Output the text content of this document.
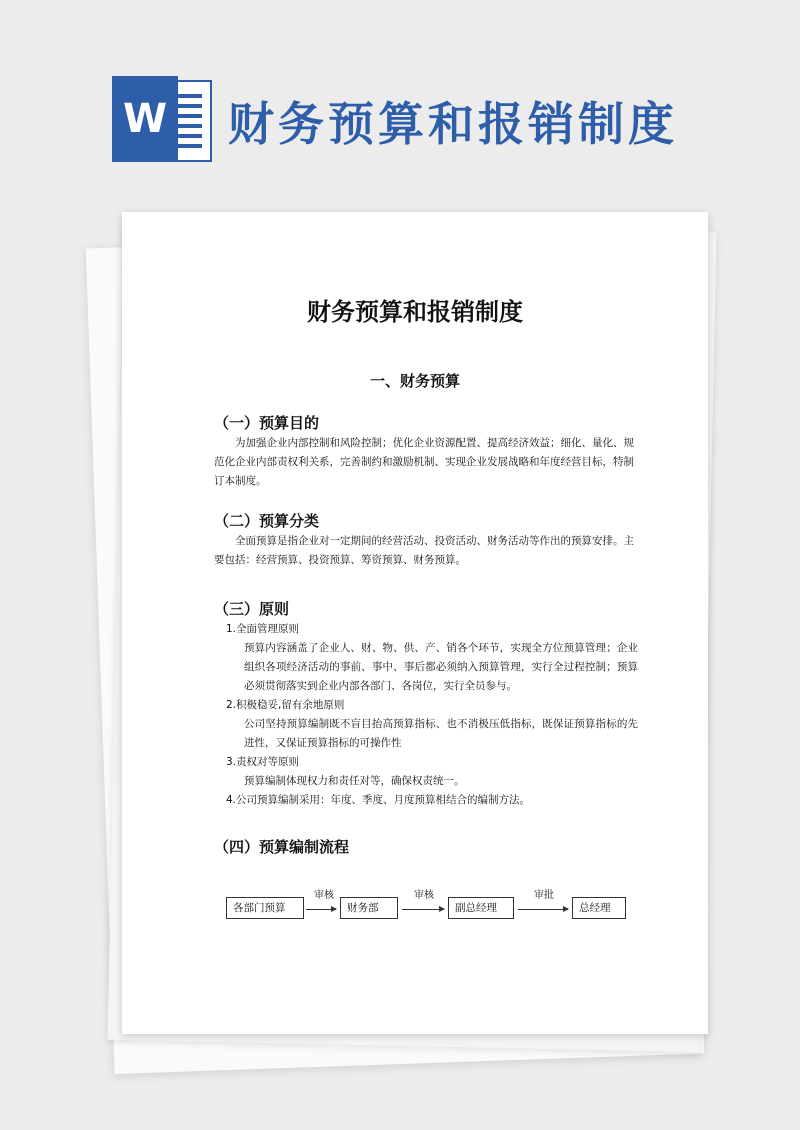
W 财务预算和报销制度
财务预算和报销制度
一、财务预算
（一）预算目的
为加强企业内部控制和风险控制；优化企业资源配置、提高经济效益；细化、量化、规范化企业内部责权利关系，完善制约和激励机制、实现企业发展战略和年度经营目标，特制订本制度。
（二）预算分类
全面预算是指企业对一定期间的经营活动、投资活动、财务活动等作出的预算安排。主要包括：经营预算、投资预算、筹资预算、财务预算。
（三）原则
1.全面管理原则
预算内容涵盖了企业人、财、物、供、产、销各个环节，实现全方位预算管理；企业组织各项经济活动的事前、事中、事后都必须纳入预算管理，实行全过程控制；预算必须贯彻落实到企业内部各部门、各岗位，实行全员参与。
2.积极稳妥,留有余地原则
公司坚持预算编制既不盲目抬高预算指标、也不消极压低指标，既保证预算指标的先进性，又保证预算指标的可操作性
3.责权对等原则
预算编制体现权力和责任对等，确保权责统一。
4.公司预算编制采用：年度、季度、月度预算相结合的编制方法。
（四）预算编制流程
各部门预算
审核
财务部
审核
副总经理
审批
总经理
